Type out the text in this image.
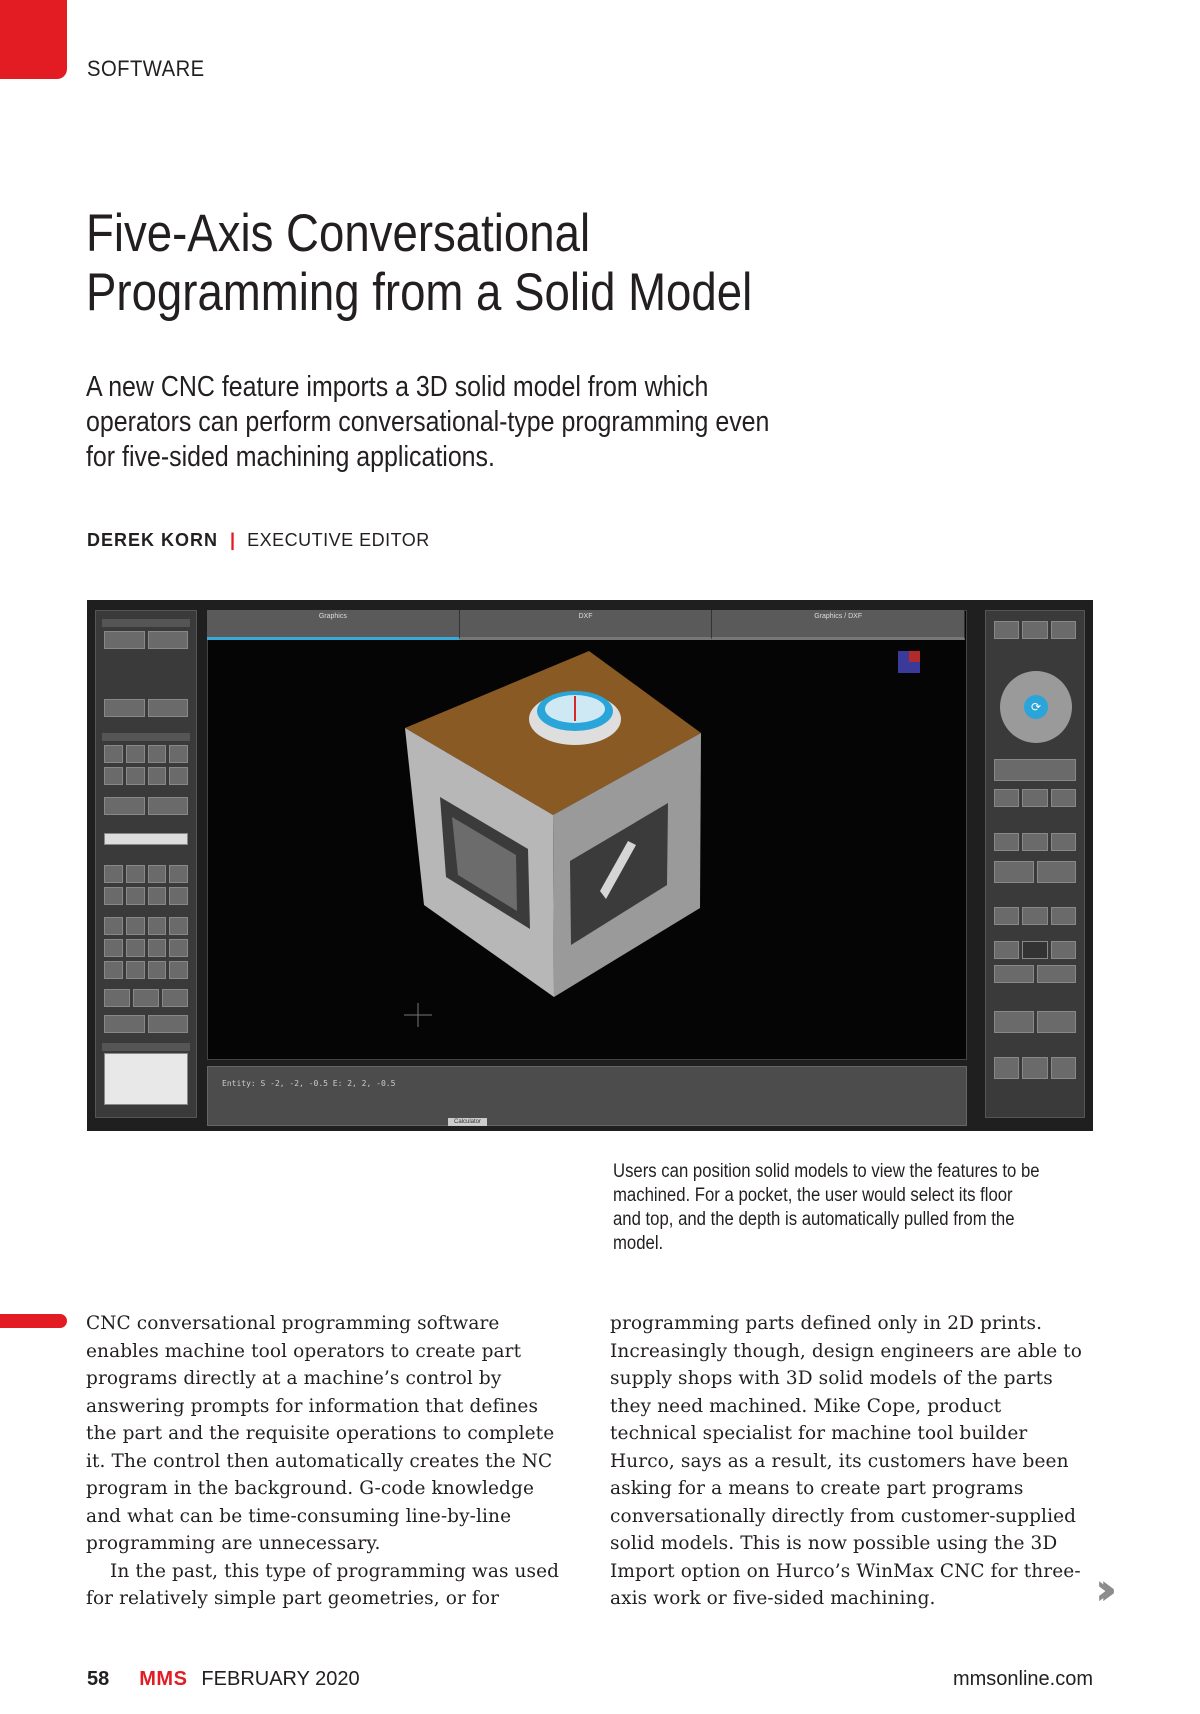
SOFTWARE
Five-Axis Conversational
Programming from a Solid Model

A new CNC feature imports a 3D solid model from which operators can perform conversational-type programming even for five-sided machining applications.

DEREK KORN | EXECUTIVE EDITOR
Graphics	DXF	Graphics / DXF
Entity: S -2, -2, -0.5 E: 2, 2, -0.5
Calculator
⟳

Users can position solid models to view the features to be machined. For a pocket, the user would select its floor and top, and the depth is automatically pulled from the model.

CNC conversational programming software enables machine tool operators to create part programs directly at a machine’s control by answering prompts for information that defines the part and the requisite operations to complete it. The control then automatically creates the NC program in the background. G-code knowledge and what can be time-consuming line-by-line programming are unnecessary.

In the past, this type of programming was used for relatively simple part geometries, or for

programming parts defined only in 2D prints. Increasingly though, design engineers are able to supply shops with 3D solid models of the parts they need machined. Mike Cope, product technical specialist for machine tool builder Hurco, says as a result, its customers have been asking for a means to create part programs conversationally directly from customer-supplied solid models. This is now possible using the 3D Import option on Hurco’s WinMax CNC for three-axis work or five-sided machining.	››
58 MMS FEBRUARY 2020	mmsonline.com
